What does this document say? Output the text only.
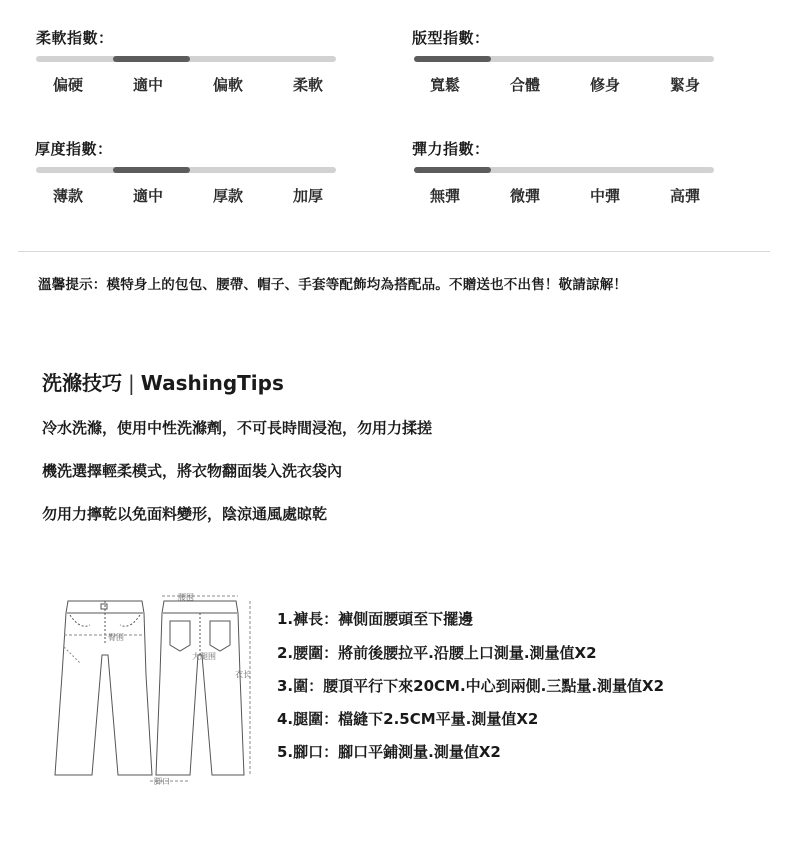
柔軟指數：
偏硬	適中	偏軟	柔軟
版型指數：
寬鬆	合體	修身	緊身
厚度指數：
薄款	適中	厚款	加厚
彈力指數：
無彈	微彈	中彈	高彈
溫馨提示：模特身上的包包、腰帶、帽子、手套等配飾均為搭配品。不贈送也不出售！敬請諒解！
洗滌技巧 | WashingTips
冷水洗滌，使用中性洗滌劑，不可長時間浸泡，勿用力揉搓
機洗選擇輕柔模式，將衣物翻面裝入洗衣袋內
勿用力擰乾以免面料變形，陰涼通風處晾乾
臀围
腰围
大腿围
衣长
脚口
1.褲長：褲側面腰頭至下擺邊
2.腰圍：將前後腰拉平.沿腰上口測量.測量值X2
3.圍：腰頂平行下來20CM.中心到兩側.三點量.測量值X2
4.腿圍：檔縫下2.5CM平量.測量值X2
5.腳口：腳口平鋪測量.測量值X2
